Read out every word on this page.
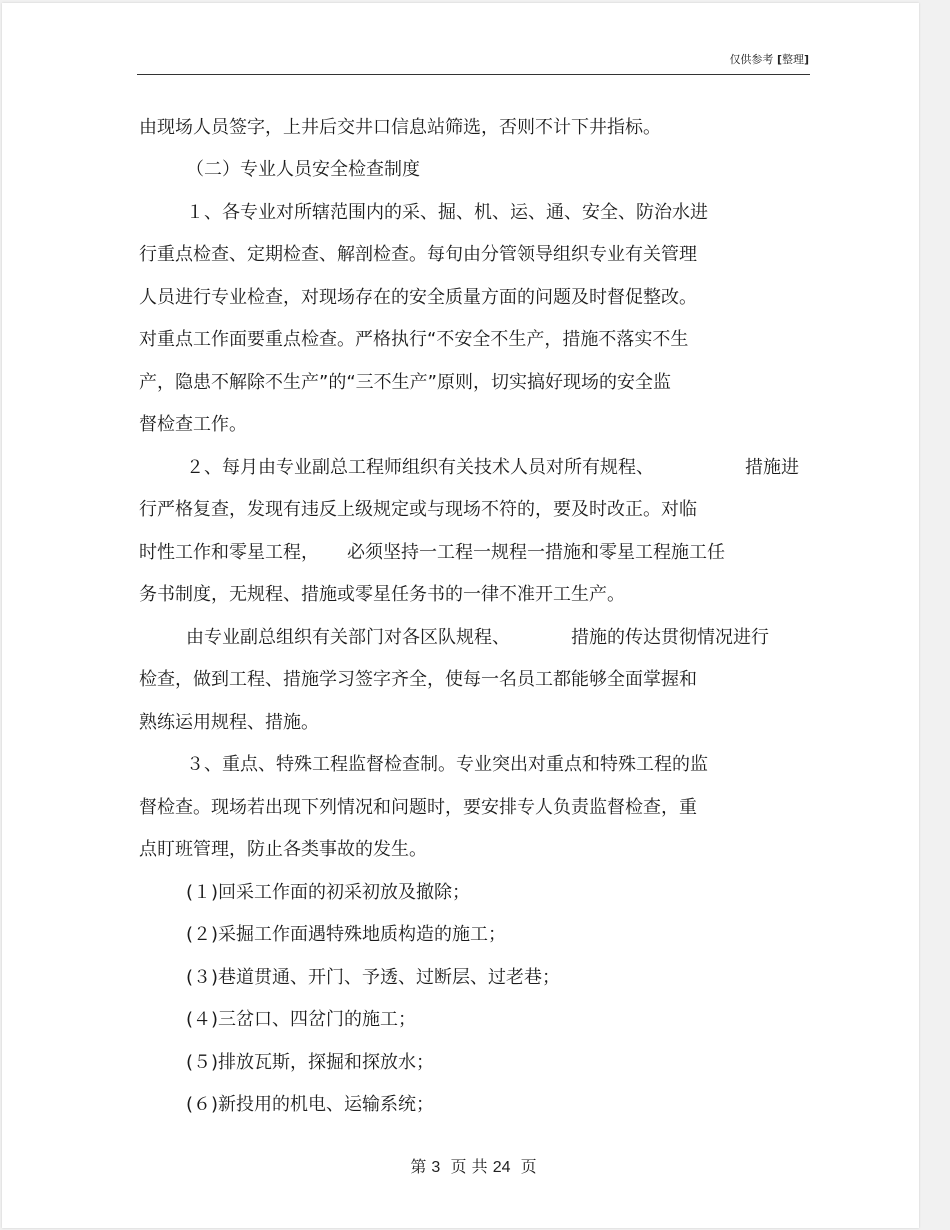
仅供参考 [整理]
由现场人员签字，上井后交井口信息站筛选，否则不计下井指标。
（二）专业人员安全检查制度
１、各专业对所辖范围内的采、掘、机、运、通、安全、防治水进
行重点检查、定期检查、解剖检查。每旬由分管领导组织专业有关管理
人员进行专业检查，对现场存在的安全质量方面的问题及时督促整改。
对重点工作面要重点检查。严格执行“不安全不生产，措施不落实不生
产，隐患不解除不生产”的“三不生产”原则，切实搞好现场的安全监
督检查工作。
２、每月由专业副总工程师组织有关技术人员对所有规程、	措施进
行严格复查，发现有违反上级规定或与现场不符的，要及时改正。对临
时性工作和零星工程， 必须坚持一工程一规程一措施和零星工程施工任
务书制度，无规程、措施或零星任务书的一律不准开工生产。
由专业副总组织有关部门对各区队规程、	措施的传达贯彻情况进行
检查，做到工程、措施学习签字齐全，使每一名员工都能够全面掌握和
熟练运用规程、措施。
３、重点、特殊工程监督检查制。专业突出对重点和特殊工程的监
督检查。现场若出现下列情况和问题时，要安排专人负责监督检查，重
点盯班管理，防止各类事故的发生。
(１)回采工作面的初采初放及撤除；
(２)采掘工作面遇特殊地质构造的施工；
(３)巷道贯通、开门、予透、过断层、过老巷；
(４)三岔口、四岔门的施工；
(５)排放瓦斯，探掘和探放水；
(６)新投用的机电、运输系统；
第 3 页 共 24 页
